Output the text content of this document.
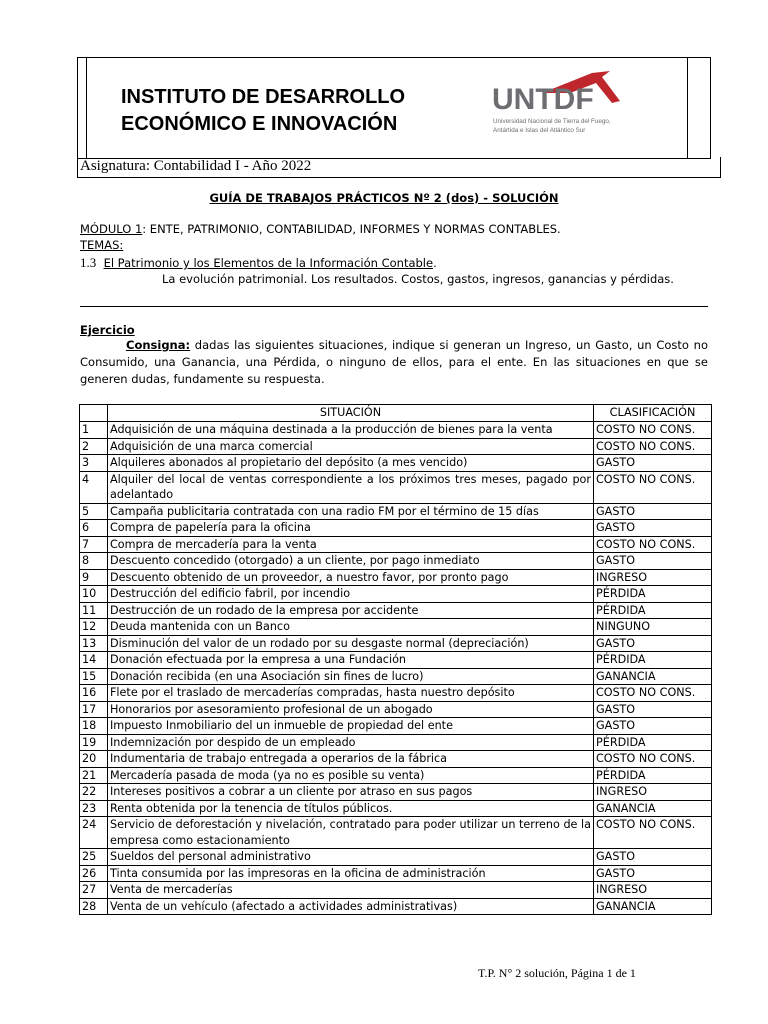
INSTITUTO DE DESARROLLO
ECONÓMICO E INNOVACIÓN
UNTDF
Universidad Nacional de Tierra del Fuego,
Antártida e Islas del Atlántico Sur
Asignatura: Contabilidad I - Año 2022
GUÍA DE TRABAJOS PRÁCTICOS Nº 2 (dos) - SOLUCIÓN
MÓDULO 1: ENTE, PATRIMONIO, CONTABILIDAD, INFORMES Y NORMAS CONTABLES.
TEMAS:
1.3 El Patrimonio y los Elementos de la Información Contable.
La evolución patrimonial. Los resultados. Costos, gastos, ingresos, ganancias y pérdidas.
Ejercicio
Consigna: dadas las siguientes situaciones, indique si generan un Ingreso, un Gasto, un Costo no Consumido, una Ganancia, una Pérdida, o ninguno de ellos, para el ente. En las situaciones en que se generen dudas, fundamente su respuesta.
	SITUACIÓN	CLASIFICACIÓN
1	Adquisición de una máquina destinada a la producción de bienes para la venta	COSTO NO CONS.
2	Adquisición de una marca comercial	COSTO NO CONS.
3	Alquileres abonados al propietario del depósito (a mes vencido)	GASTO
4	Alquiler del local de ventas correspondiente a los próximos tres meses, pagado por adelantado	COSTO NO CONS.
5	Campaña publicitaria contratada con una radio FM por el término de 15 días	GASTO
6	Compra de papelería para la oficina	GASTO
7	Compra de mercadería para la venta	COSTO NO CONS.
8	Descuento concedido (otorgado) a un cliente, por pago inmediato	GASTO
9	Descuento obtenido de un proveedor, a nuestro favor, por pronto pago	INGRESO
10	Destrucción del edificio fabril, por incendio	PÉRDIDA
11	Destrucción de un rodado de la empresa por accidente	PÉRDIDA
12	Deuda mantenida con un Banco	NINGUNO
13	Disminución del valor de un rodado por su desgaste normal (depreciación)	GASTO
14	Donación efectuada por la empresa a una Fundación	PÉRDIDA
15	Donación recibida (en una Asociación sin fines de lucro)	GANANCIA
16	Flete por el traslado de mercaderías compradas, hasta nuestro depósito	COSTO NO CONS.
17	Honorarios por asesoramiento profesional de un abogado	GASTO
18	Impuesto Inmobiliario del un inmueble de propiedad del ente	GASTO
19	Indemnización por despido de un empleado	PÉRDIDA
20	Indumentaria de trabajo entregada a operarios de la fábrica	COSTO NO CONS.
21	Mercadería pasada de moda (ya no es posible su venta)	PÉRDIDA
22	Intereses positivos a cobrar a un cliente por atraso en sus pagos	INGRESO
23	Renta obtenida por la tenencia de títulos públicos.	GANANCIA
24	Servicio de deforestación y nivelación, contratado para poder utilizar un terreno de la empresa como estacionamiento	COSTO NO CONS.
25	Sueldos del personal administrativo	GASTO
26	Tinta consumida por las impresoras en la oficina de administración	GASTO
27	Venta de mercaderías	INGRESO
28	Venta de un vehículo (afectado a actividades administrativas)	GANANCIA
T.P. N° 2 solución, Página 1 de 1
